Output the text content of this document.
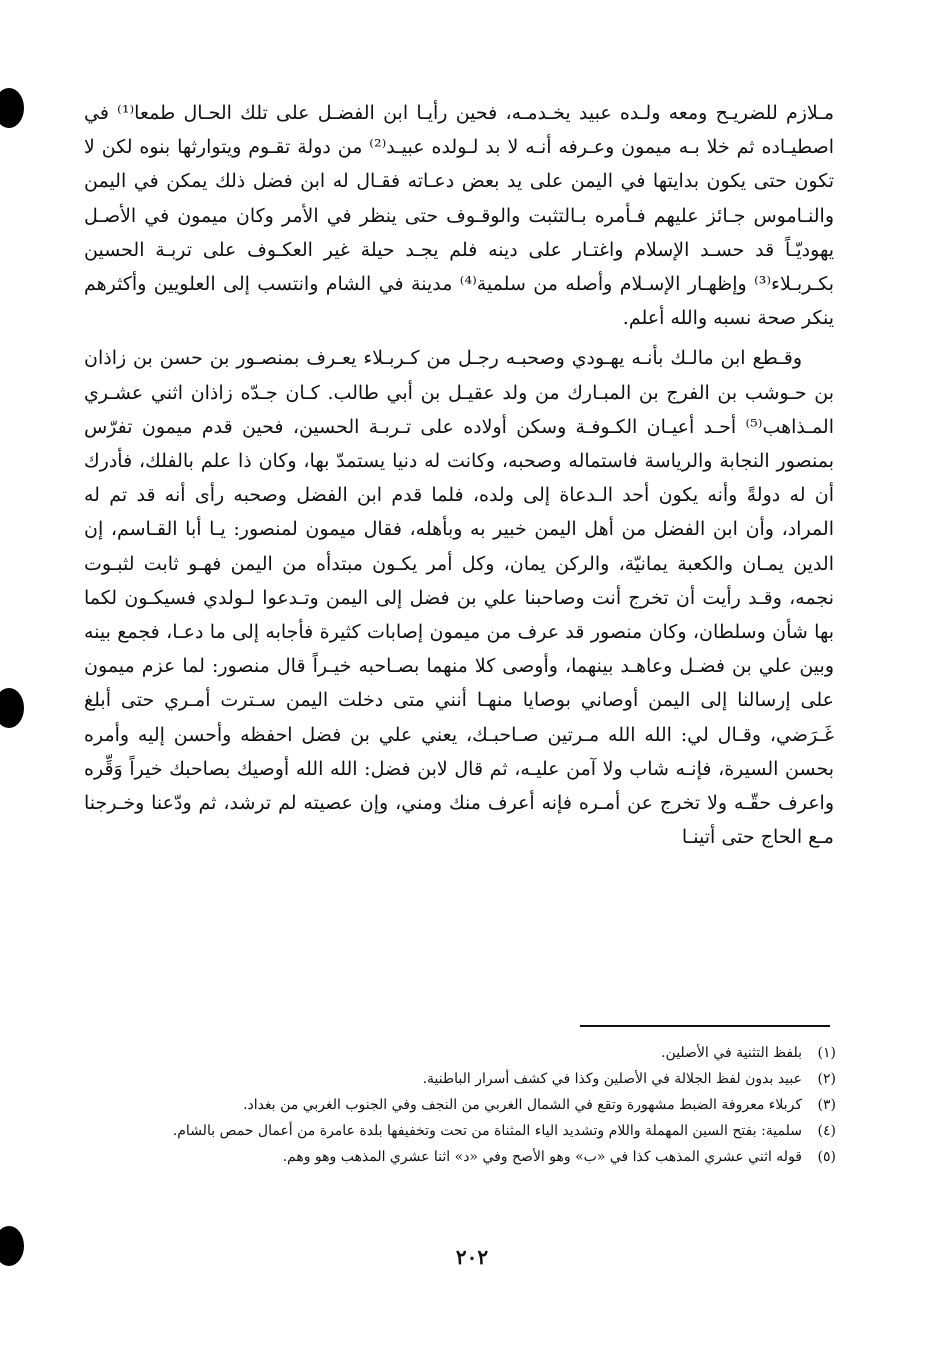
مـلازم للضريـح ومعه ولـده عبيد يخـدمـه، فحين رأيـا ابن الفضـل على تلك الحـال طمعا⁽¹⁾ في اصطيـاده ثم خلا بـه ميمون وعـرفه أنـه لا بد لـولده عبيـد⁽²⁾ من دولة تقـوم ويتوارثها بنوه لكن لا تكون حتى يكون بدايتها في اليمن على يد بعض دعـاته فقـال له ابن فضل ذلك يمكن في اليمن والنـاموس جـائز عليهم فـأمره بـالتثبت والوقـوف حتى ينظر في الأمر وكان ميمون في الأصـل يهوديّـاً قد حسـد الإسلام واغتـار على دينه فلم يجـد حيلة غير العكـوف على تربـة الحسين بكـربـلاء⁽³⁾ وإظهـار الإسـلام وأصله من سلمية⁽⁴⁾ مدينة في الشام وانتسب إلى العلويين وأكثرهم ينكر صحة نسبه والله أعلم.

وقـطع ابن مالـك بأنـه يهـودي وصحبـه رجـل من كـربـلاء يعـرف بمنصـور بن حسن بن زاذان بن حـوشب بن الفرج بن المبـارك من ولد عقيـل بن أبي طالب. كـان جـدّه زاذان اثني عشـري المـذاهب⁽⁵⁾ أحـد أعيـان الكـوفـة وسكن أولاده على تـربـة الحسين، فحين قدم ميمون تفرّس بمنصور النجابة والرياسة فاستماله وصحبه، وكانت له دنيا يستمدّ بها، وكان ذا علم بالفلك، فأدرك أن له دولةً وأنه يكون أحد الـدعاة إلى ولده، فلما قدم ابن الفضل وصحبه رأى أنه قد تم له المراد، وأن ابن الفضل من أهل اليمن خبير به وبأهله، فقال ميمون لمنصور: يـا أبا القـاسم، إن الدين يمـان والكعبة يمانيّة، والركن يمان، وكل أمر يكـون مبتدأه من اليمن فهـو ثابت لثبـوت نجمه، وقـد رأيت أن تخرج أنت وصاحبنا علي بن فضل إلى اليمن وتـدعوا لـولدي فسيكـون لكما بها شأن وسلطان، وكان منصور قد عرف من ميمون إصابات كثيرة فأجابه إلى ما دعـا، فجمع بينه وبين علي بن فضـل وعاهـد بينهما، وأوصى كلا منهما بصـاحبه خيـراً قال منصور: لما عزم ميمون على إرسالنا إلى اليمن أوصاني بوصايا منهـا أنني متى دخلت اليمن سـترت أمـري حتى أبلغ غَـرَضي، وقـال لي: الله الله مـرتين صـاحبـك، يعني علي بن فضل احفظه وأحسن إليه وأمره بحسن السيرة، فإنـه شاب ولا آمن عليـه، ثم قال لابن فضل: الله الله أوصيك بصاحبك خيراً وَقِّره واعرف حقّـه ولا تخرج عن أمـره فإنه أعرف منك ومني، وإن عصيته لم ترشد، ثم ودّعنا وخـرجنا مـع الحاج حتى أتينـا

(١)
بلفظ التثنية في الأصلين.
(٢)
عبيد بدون لفظ الجلالة في الأصلين وكذا في كشف أسرار الباطنية.
(٣)
كربلاء معروفة الضبط مشهورة وتقع في الشمال الغربي من النجف وفي الجنوب الغربي من بغداد.
(٤)
سلمية: بفتح السين المهملة واللام وتشديد الياء المثناة من تحت وتخفيفها بلدة عامرة من أعمال حمص بالشام.
(٥)
قوله اثني عشري المذهب كذا في «ب» وهو الأصح وفي «د» اثنا عشري المذهب وهو وهم.
٢٠٢
